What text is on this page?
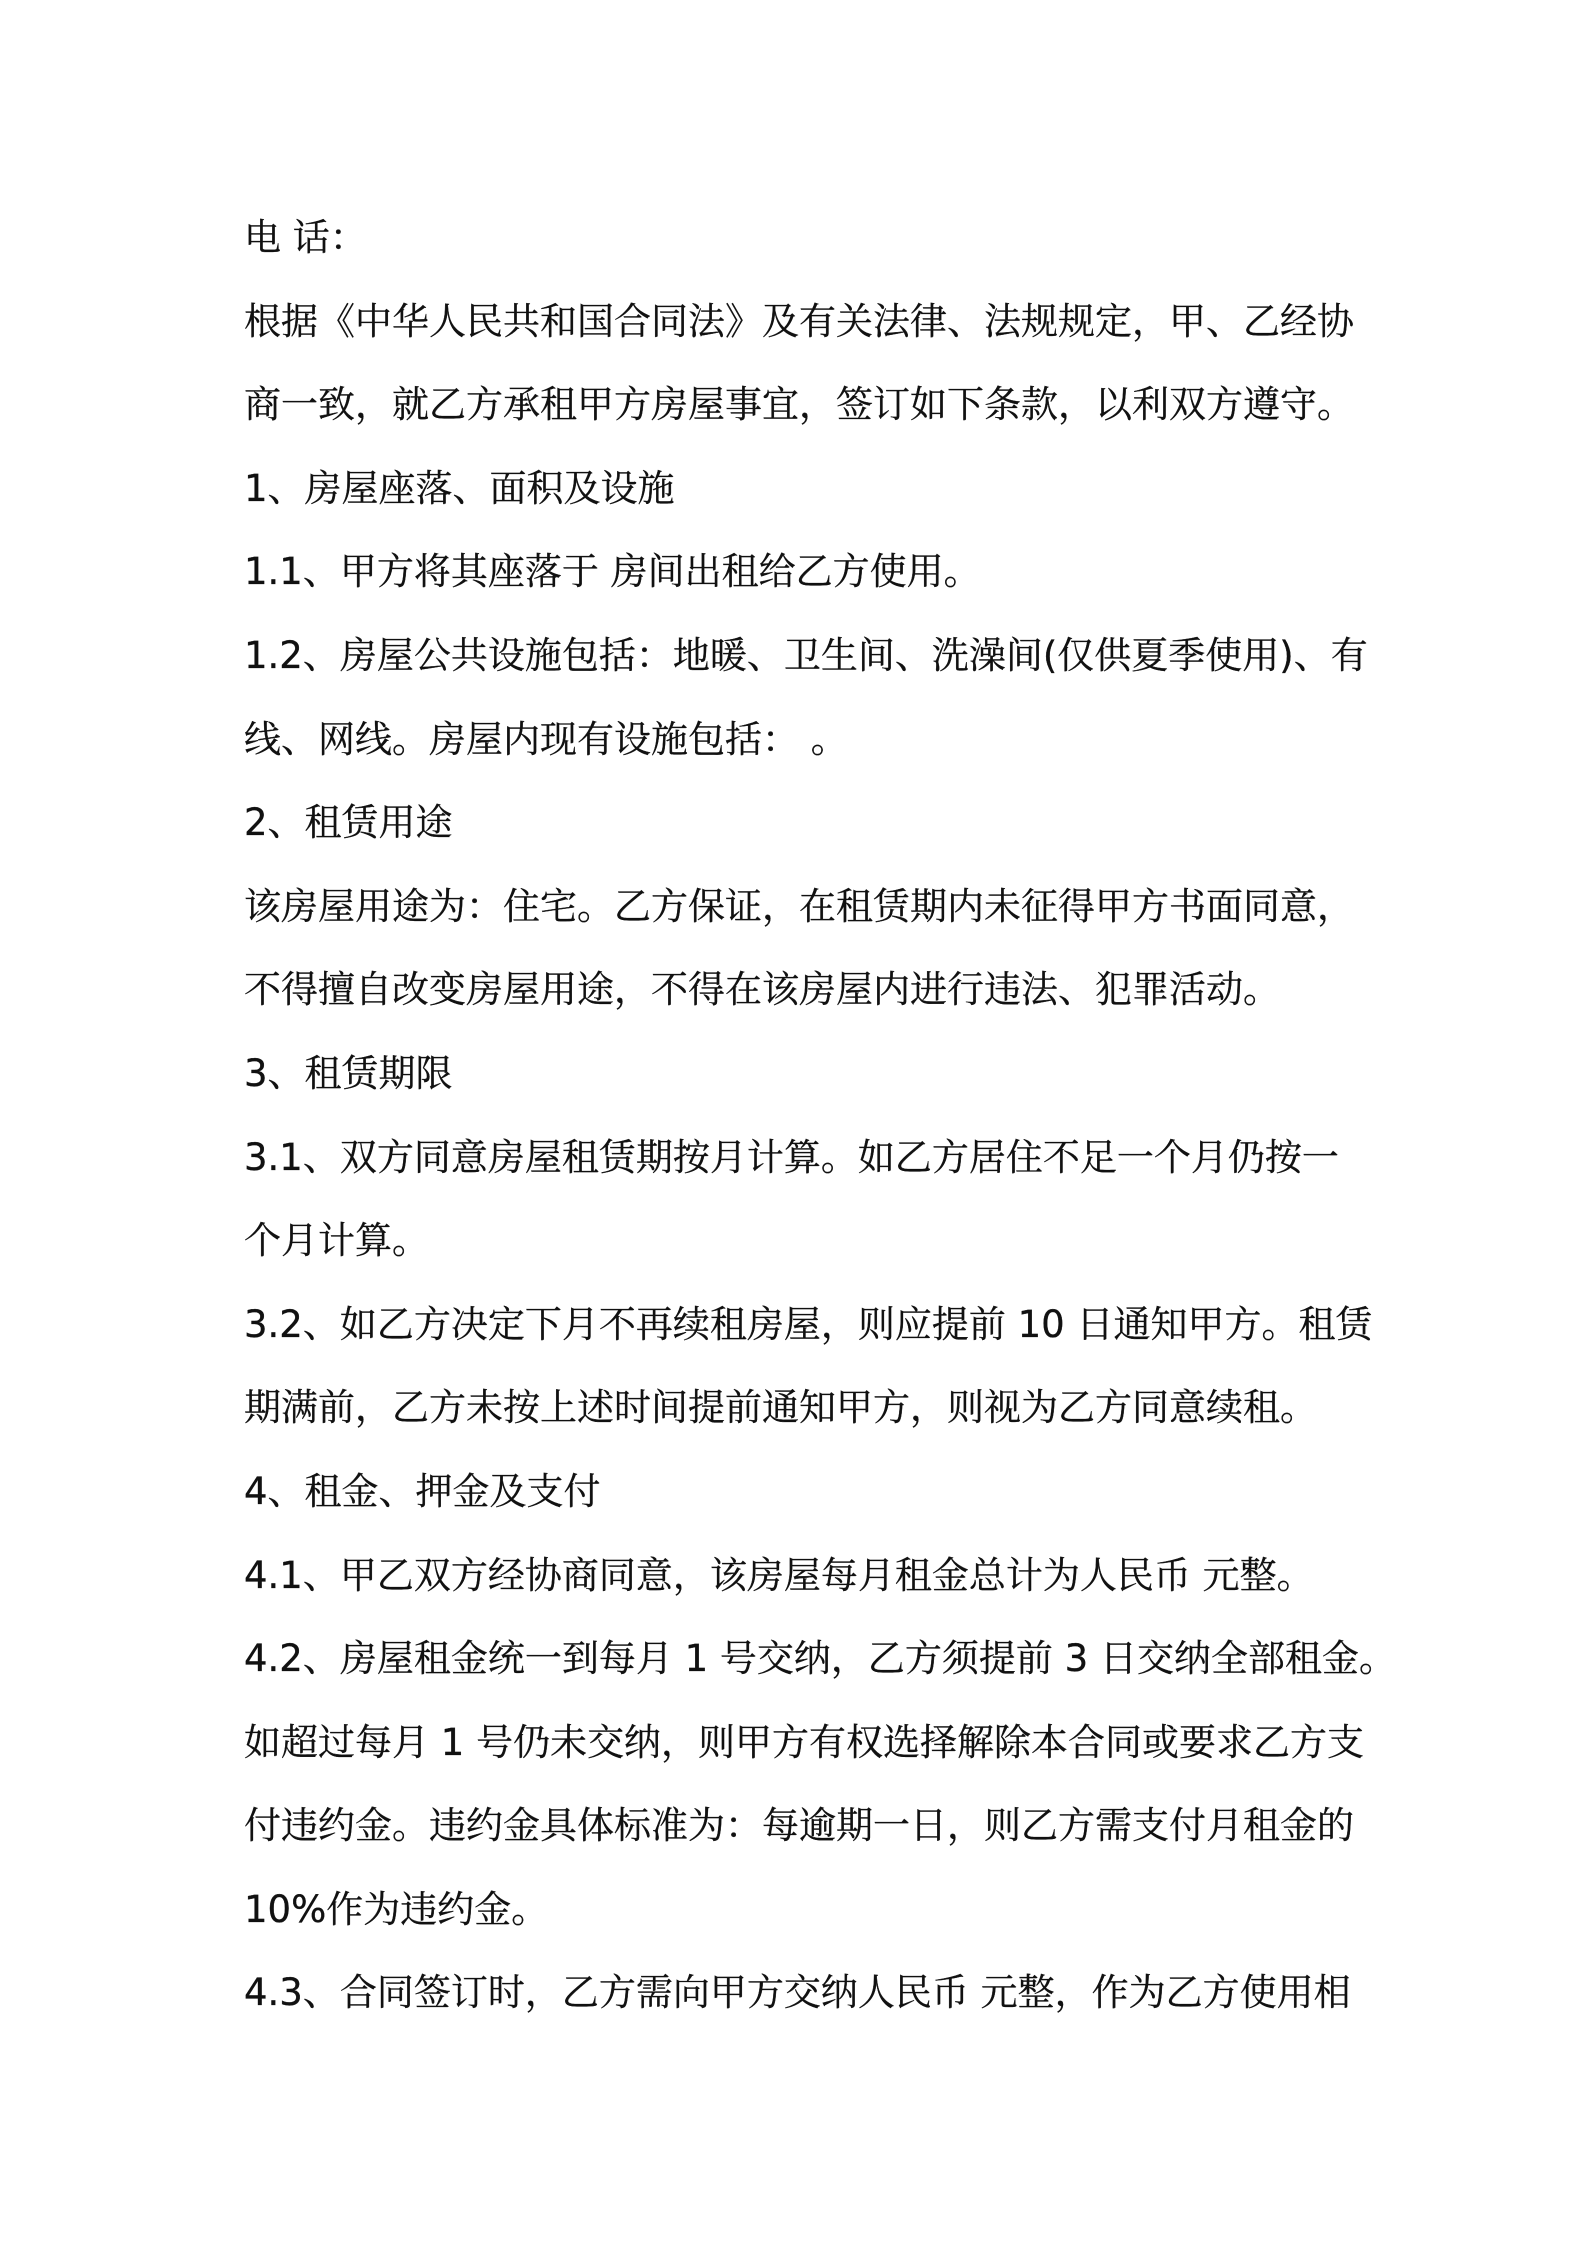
电 话：
根据《中华人民共和国合同法》及有关法律、法规规定，甲、乙经协
商一致，就乙方承租甲方房屋事宜，签订如下条款，以利双方遵守。
1、房屋座落、面积及设施
1.1、甲方将其座落于 房间出租给乙方使用。
1.2、房屋公共设施包括：地暖、卫生间、洗澡间(仅供夏季使用)、有
线、网线。房屋内现有设施包括： 。
2、租赁用途
该房屋用途为：住宅。乙方保证，在租赁期内未征得甲方书面同意，
不得擅自改变房屋用途，不得在该房屋内进行违法、犯罪活动。
3、租赁期限
3.1、双方同意房屋租赁期按月计算。如乙方居住不足一个月仍按一
个月计算。
3.2、如乙方决定下月不再续租房屋，则应提前 10 日通知甲方。租赁
期满前，乙方未按上述时间提前通知甲方，则视为乙方同意续租。
4、租金、押金及支付
4.1、甲乙双方经协商同意，该房屋每月租金总计为人民币 元整。
4.2、房屋租金统一到每月 1 号交纳，乙方须提前 3 日交纳全部租金。
如超过每月 1 号仍未交纳，则甲方有权选择解除本合同或要求乙方支
付违约金。违约金具体标准为：每逾期一日，则乙方需支付月租金的
10%作为违约金。
4.3、合同签订时，乙方需向甲方交纳人民币 元整，作为乙方使用相
